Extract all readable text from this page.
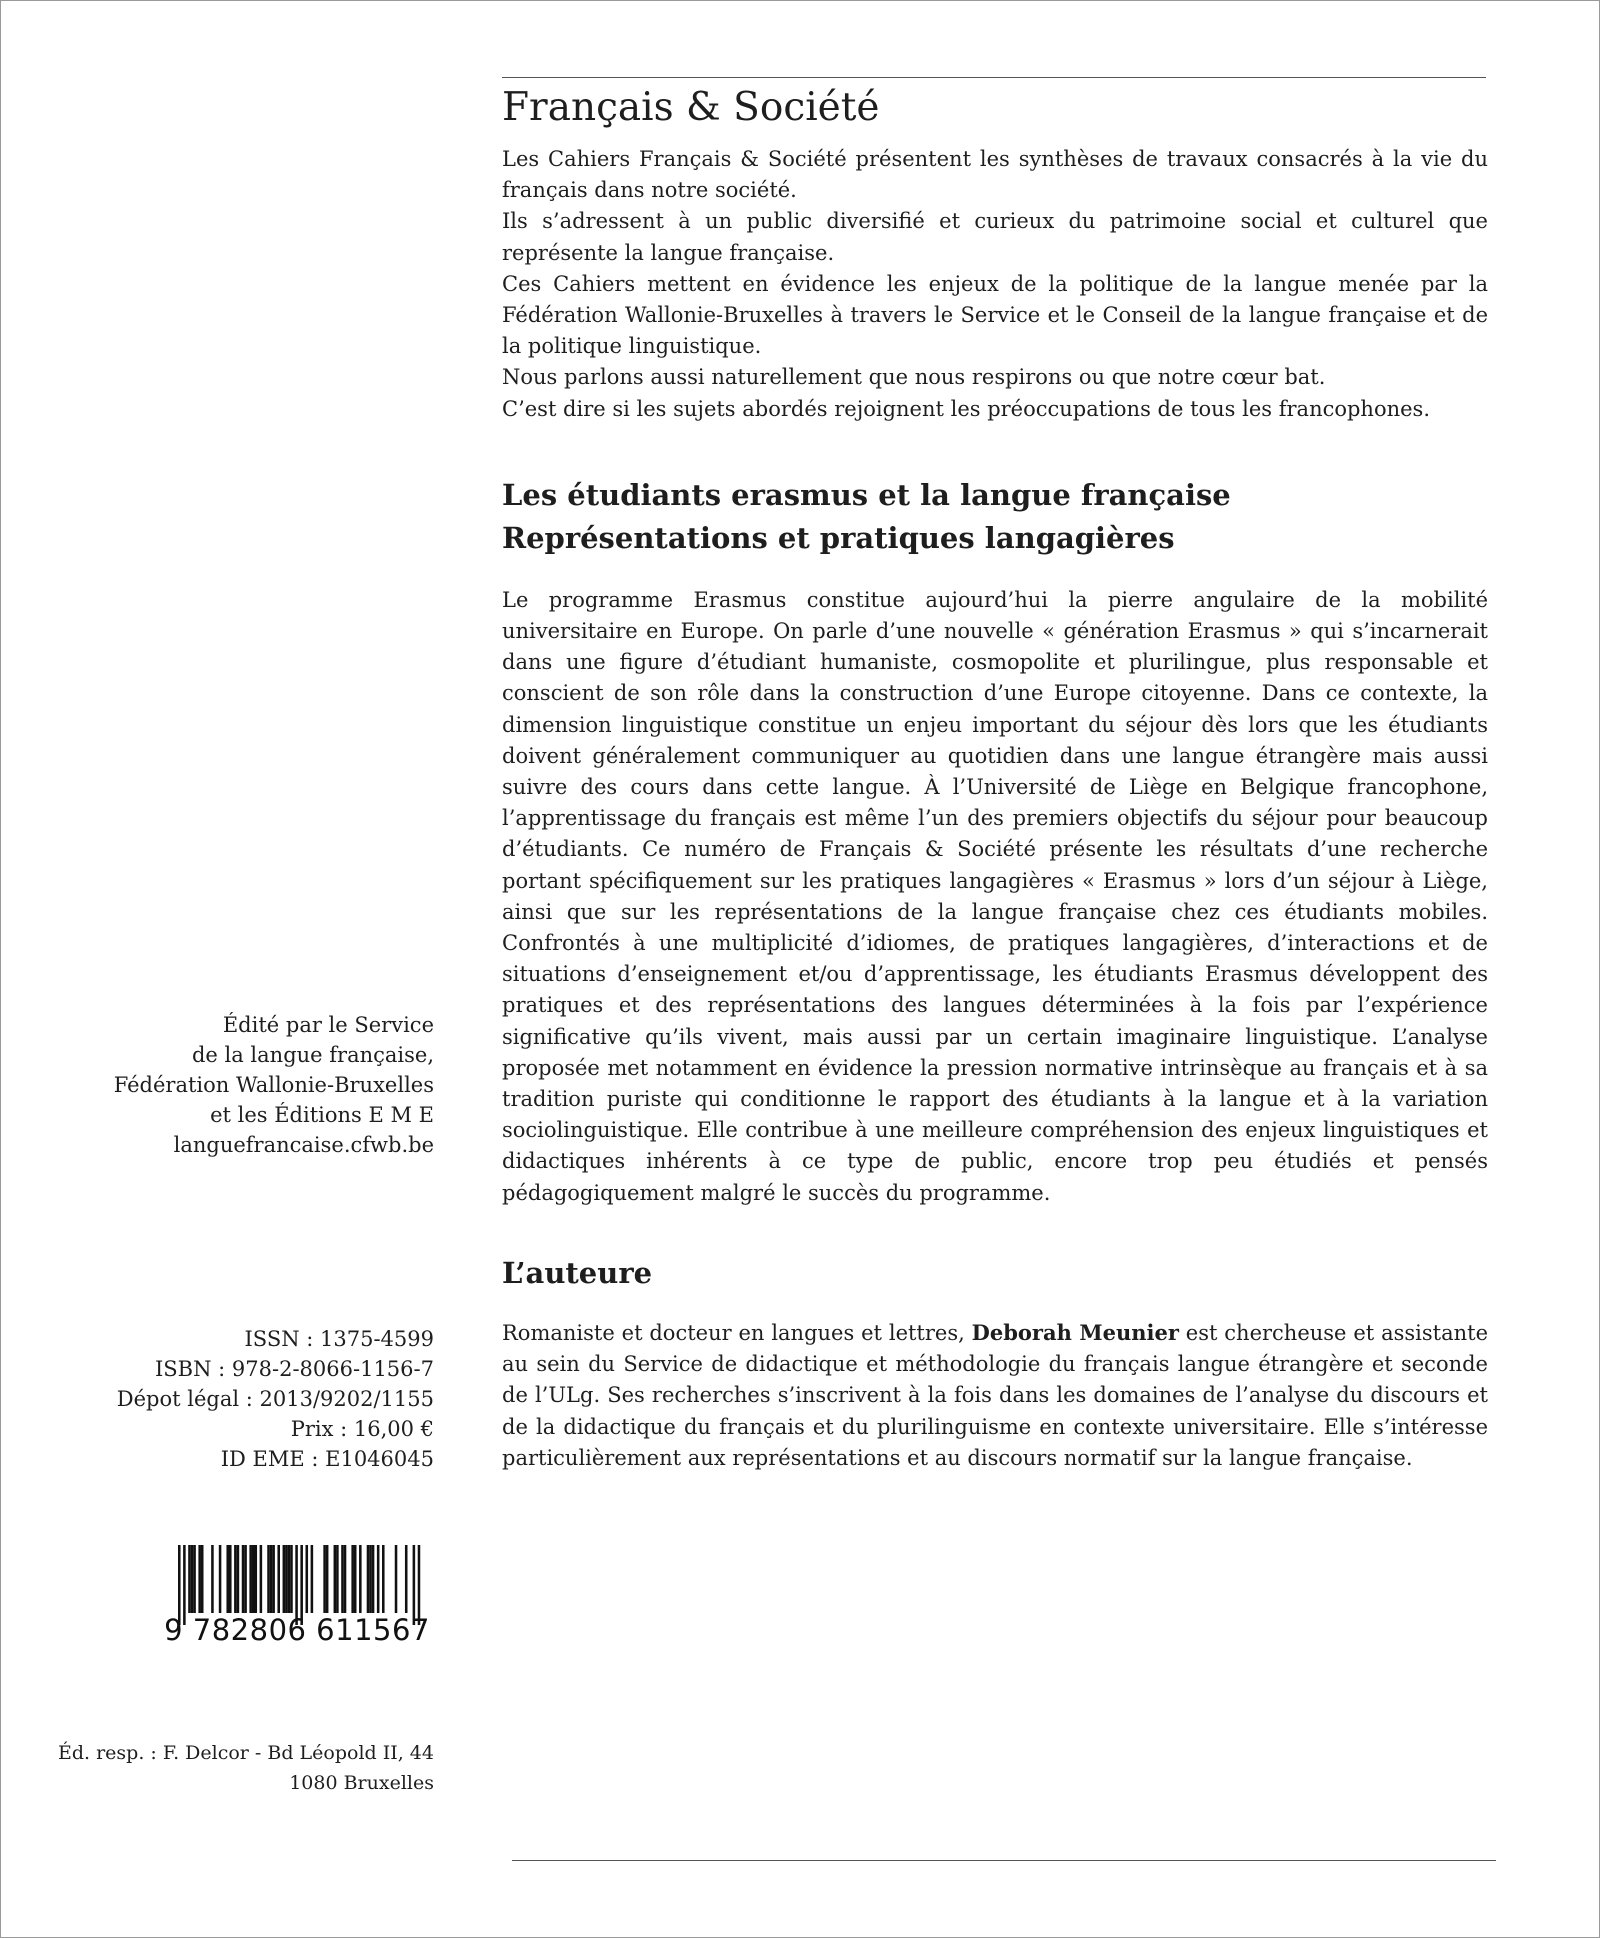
Français & Société

Les Cahiers Français & Société présentent les synthèses de travaux consacrés à la vie du français dans notre société.

Ils s’adressent à un public diversifié et curieux du patrimoine social et culturel que représente la langue française.

Ces Cahiers mettent en évidence les enjeux de la politique de la langue menée par la Fédération Wallonie-Bruxelles à travers le Service et le Conseil de la langue française et de la politique linguistique.

Nous parlons aussi naturellement que nous respirons ou que notre cœur bat.

C’est dire si les sujets abordés rejoignent les préoccupations de tous les francophones.

Les étudiants erasmus et la langue française
Représentations et pratiques langagières

Le programme Erasmus constitue aujourd’hui la pierre angulaire de la mobilité universitaire en Europe. On parle d’une nouvelle « génération Erasmus » qui s’incarnerait dans une figure d’étudiant humaniste, cosmopolite et plurilingue, plus responsable et conscient de son rôle dans la construction d’une Europe citoyenne. Dans ce contexte, la dimension linguistique constitue un enjeu important du séjour dès lors que les étudiants doivent généralement communiquer au quotidien dans une langue étrangère mais aussi suivre des cours dans cette langue. À l’Université de Liège en Belgique francophone, l’apprentissage du français est même l’un des premiers objectifs du séjour pour beaucoup d’étudiants. Ce numéro de Français & Société présente les résultats d’une recherche portant spécifiquement sur les pratiques langagières « Erasmus » lors d’un séjour à Liège, ainsi que sur les représentations de la langue française chez ces étudiants mobiles. Confrontés à une multiplicité d’idiomes, de pratiques langagières, d’interactions et de situations d’enseignement et/ou d’apprentissage, les étudiants Erasmus développent des pratiques et des représentations des langues déterminées à la fois par l’expérience significative qu’ils vivent, mais aussi par un certain imaginaire linguistique. L’analyse proposée met notamment en évidence la pression normative intrinsèque au français et à sa tradition puriste qui conditionne le rapport des étudiants à la langue et à la variation sociolinguistique. Elle contribue à une meilleure compréhension des enjeux linguistiques et didactiques inhérents à ce type de public, encore trop peu étudiés et pensés pédagogiquement malgré le succès du programme.

L’auteure

Romaniste et docteur en langues et lettres, Deborah Meunier est chercheuse et assistante au sein du Service de didactique et méthodologie du français langue étrangère et seconde de l’ULg. Ses recherches s’inscrivent à la fois dans les domaines de l’analyse du discours et de la didactique du français et du plurilinguisme en contexte universitaire. Elle s’intéresse particulièrement aux représentations et au discours normatif sur la langue française.

Édité par le Service
de la langue française,
Fédération Wallonie-Bruxelles
et les Éditions E M E
languefrancaise.cfwb.be
ISSN : 1375-4599
ISBN : 978-2-8066-1156-7
Dépot légal : 2013/9202/1155
Prix : 16,00 €
ID EME : E1046045
9 782806 611567
Éd. resp. : F. Delcor - Bd Léopold II, 44
1080 Bruxelles
